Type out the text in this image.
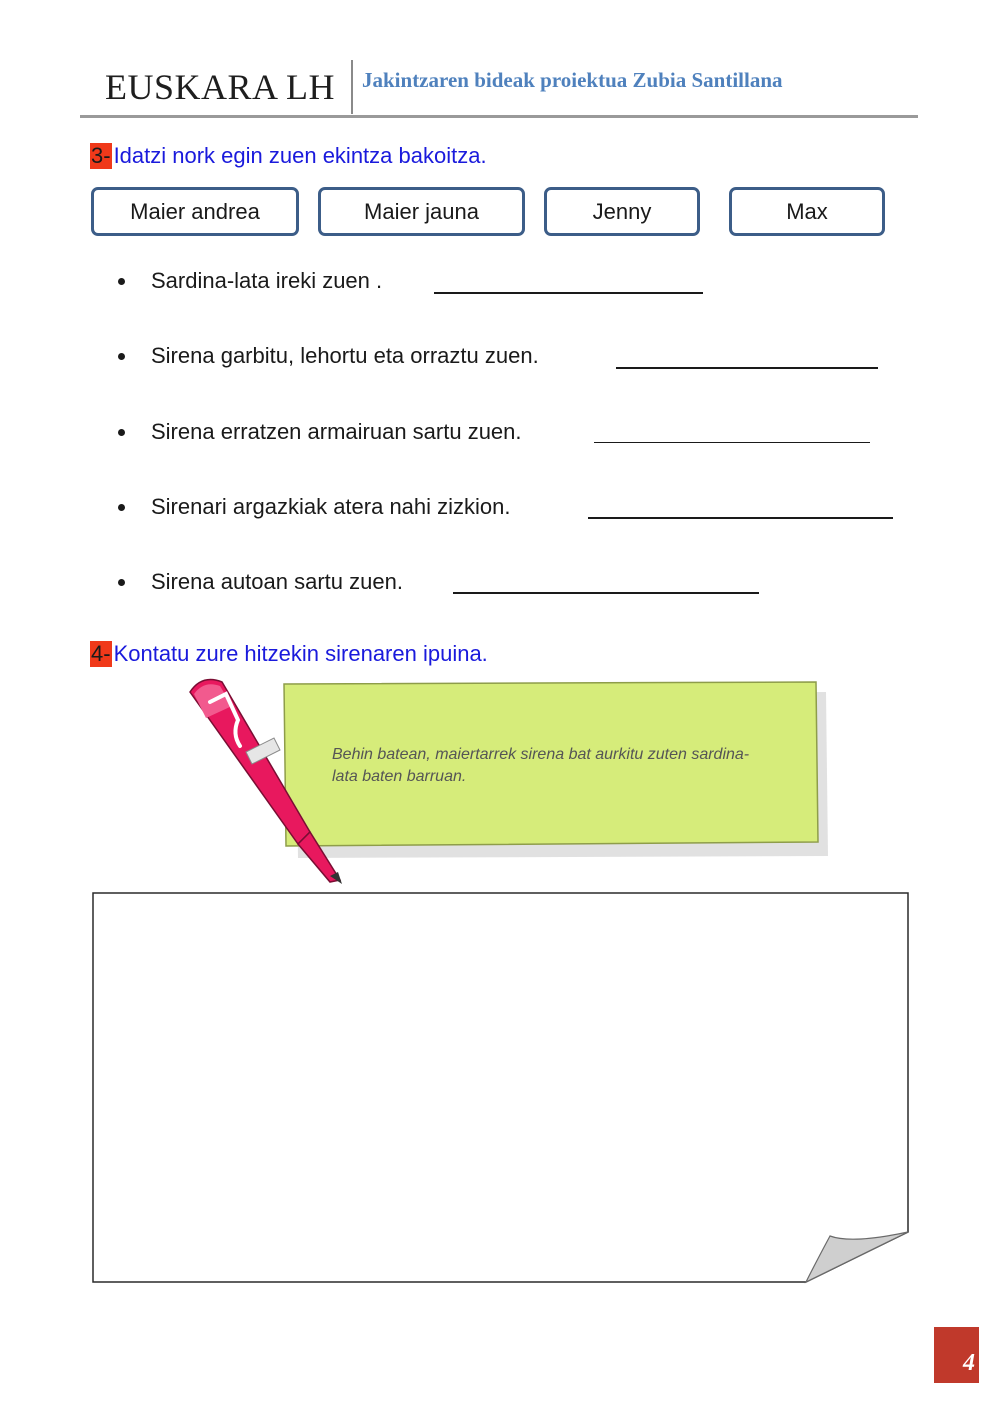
EUSKARA LH Jakintzaren bideak proiektua Zubia Santillana
3- Idatzi nork egin zuen ekintza bakoitza.
Maier andrea	Maier jauna	Jenny	Max
Sardina-lata ireki zuen .
Sirena garbitu, lehortu eta orraztu zuen.
Sirena erratzen armairuan sartu zuen.
Sirenari argazkiak atera nahi zizkion.
Sirena autoan sartu zuen.
4- Kontatu zure hitzekin sirenaren ipuina.
Behin batean, maiertarrek sirena bat aurkitu zuten sardina-lata baten barruan.
4
